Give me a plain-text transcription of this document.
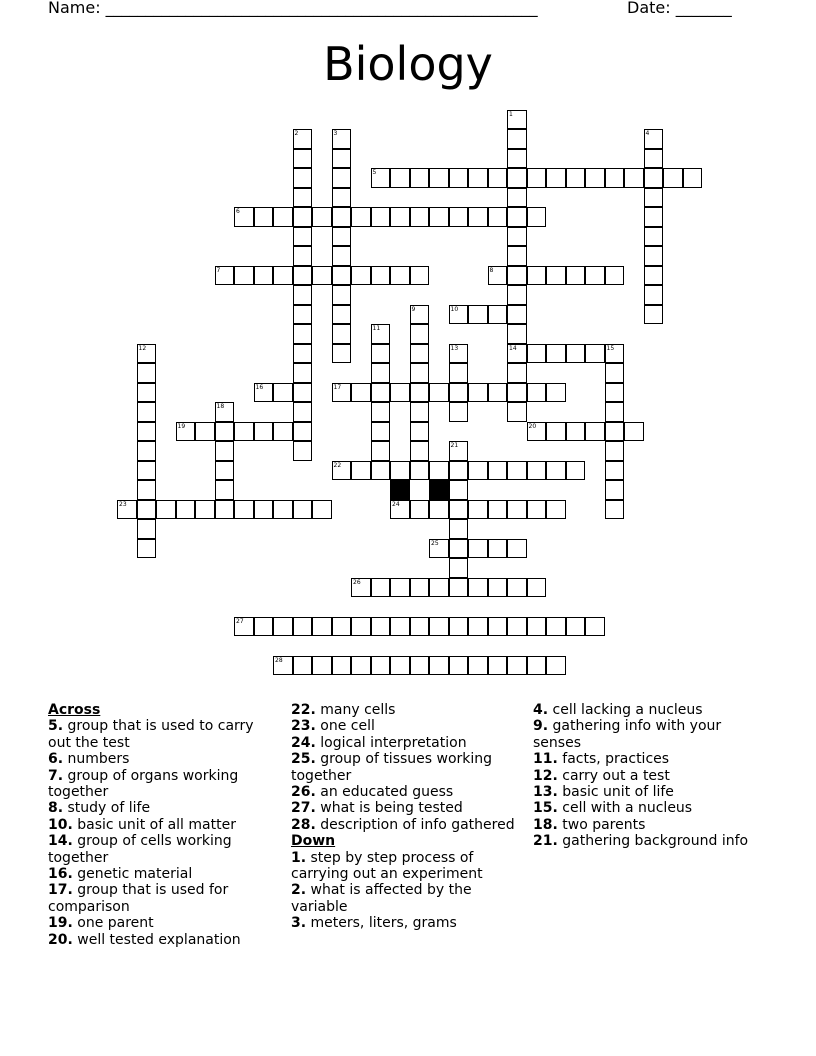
Name: ______________________________________________________	Date: _______
Biology
5
6
7	8
10
14	15
16	17
19	20
22
23	24
25
26
27
28
1
2	3	4
9
11
12	13
18
21
Across
5. group that is used to carry out the test
6. numbers
7. group of organs working together
8. study of life
10. basic unit of all matter
14. group of cells working together
16. genetic material
17. group that is used for comparison
19. one parent
20. well tested explanation
22. many cells
23. one cell
24. logical interpretation
25. group of tissues working together
26. an educated guess
27. what is being tested
28. description of info gathered
Down
1. step by step process of carrying out an experiment
2. what is affected by the variable
3. meters, liters, grams
4. cell lacking a nucleus
9. gathering info with your senses
11. facts, practices
12. carry out a test
13. basic unit of life
15. cell with a nucleus
18. two parents
21. gathering background info
